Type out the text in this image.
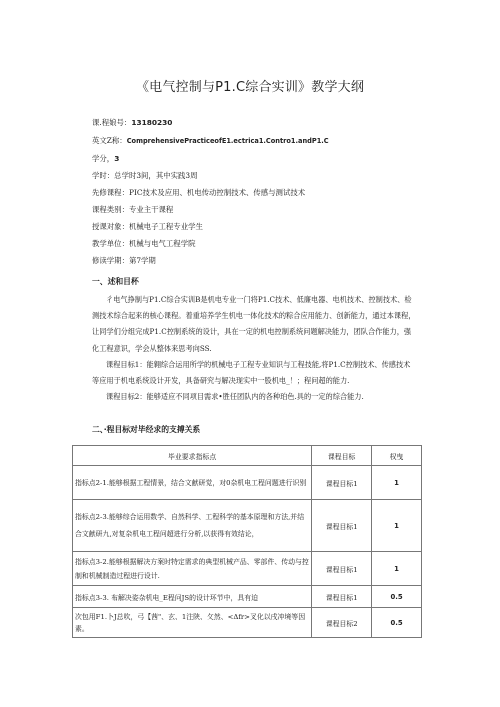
《电气控制与P1.C综合实训》教学大纲
课.程娘号：13180230
英文Z称：ComprehensivePracticeofE1.ectrica1.Contro1.andP1.C
学分，3
学时：总学时3间，其中实践3周
先修课程：PIC技术及应用、机电传动控制技术、传感与测试技术
课程类别：专业主干课程
授课对象：机械电子工程专业学生
教学单位：机械与电气工程学院
修读学期：第7学期
一、述和目杯
彳电气挣制与P1.C综合实训B是机电专业一门将P1.C技术、低廉电器、电机技术、控制技术、检
测技术综合起来的核心课程。着重培养学生机电一体化技术的粽合应用能力、创新能力，通过本课程，
让同学们分组完成P1.C控制系统的设计，具在一定的机电控制系统问题解决能力，团队合作能力，强
化工程意识，学会从整体来思考向SS.
课程目标1：能翱综合运用所学的机械电子工程专业知识与工程技能,将P1.C控制技术、传感技术
等应用于机电系统设计开发，具备研究与解决现实中一股机电_！；程问超的能力.
课程目标2：能够适应不同项目需求•胜任团队内的各种珀色.具的一定的综合能力.
二、·程目标对毕经求的支搏关系
毕业要求指标点	课程目标	权曳
指标点2-1.能够根据工程情景，结合文献研觉，对0杂机电工程问题进行识别	课程目标1	1
指标点2-3.能够综合运用数学、自然科学、工程科学的基本原理和方法,并结合文献研九,对复杂机电工程问超进行分析,以获得有效结论，	课程目标1	1
指标点3-2.能够根据解决方案时特定需求的典型机械产品、零部件、传动与控制和机械制造过程进行设计.	课程目标1	1
指标点3-3. 布解决姿杂机电_E程问JS的设计环节中，具有迫	课程目标1	0.5
次包用F1.卜J总吹，弓【茜"、玄、1注陕、攵然、<Δfr>叉化以戌冲境等因素。	课程目标2	0.5
